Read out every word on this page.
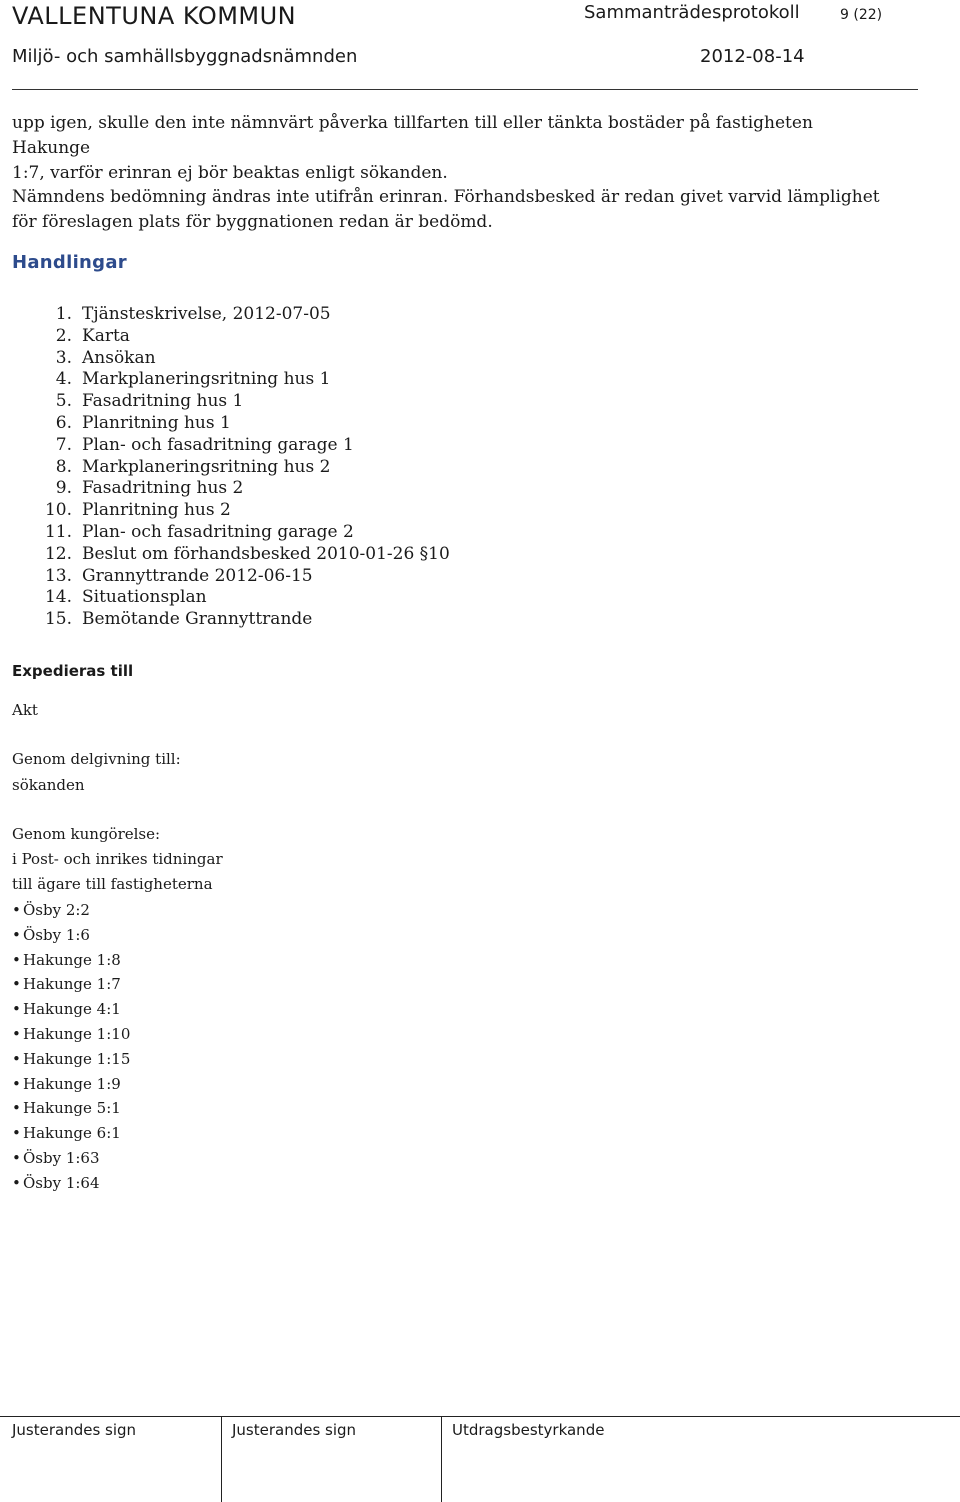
VALLENTUNA KOMMUN	Sammanträdesprotokoll	9 (22)
Miljö- och samhällsbyggnadsnämnden	2012-08-14
upp igen, skulle den inte nämnvärt påverka tillfarten till eller tänkta bostäder på fastigheten Hakunge
1:7, varför erinran ej bör beaktas enligt sökanden.
Nämndens bedömning ändras inte utifrån erinran. Förhandsbesked är redan givet varvid lämplighet
för föreslagen plats för byggnationen redan är bedömd.
Handlingar
1. Tjänsteskrivelse, 2012-07-05
2. Karta
3. Ansökan
4. Markplaneringsritning hus 1
5. Fasadritning hus 1
6. Planritning hus 1
7. Plan- och fasadritning garage 1
8. Markplaneringsritning hus 2
9. Fasadritning hus 2
10. Planritning hus 2
11. Plan- och fasadritning garage 2
12. Beslut om förhandsbesked 2010-01-26 §10
13. Grannyttrande 2012-06-15
14. Situationsplan
15. Bemötande Grannyttrande
Expedieras till
Akt
Genom delgivning till:
sökanden
Genom kungörelse:
i Post- och inrikes tidningar
till ägare till fastigheterna
• Ösby 2:2
• Ösby 1:6
• Hakunge 1:8
• Hakunge 1:7
• Hakunge 4:1
• Hakunge 1:10
• Hakunge 1:15
• Hakunge 1:9
• Hakunge 5:1
• Hakunge 6:1
• Ösby 1:63
• Ösby 1:64
Justerandes sign	Justerandes sign	Utdragsbestyrkande
